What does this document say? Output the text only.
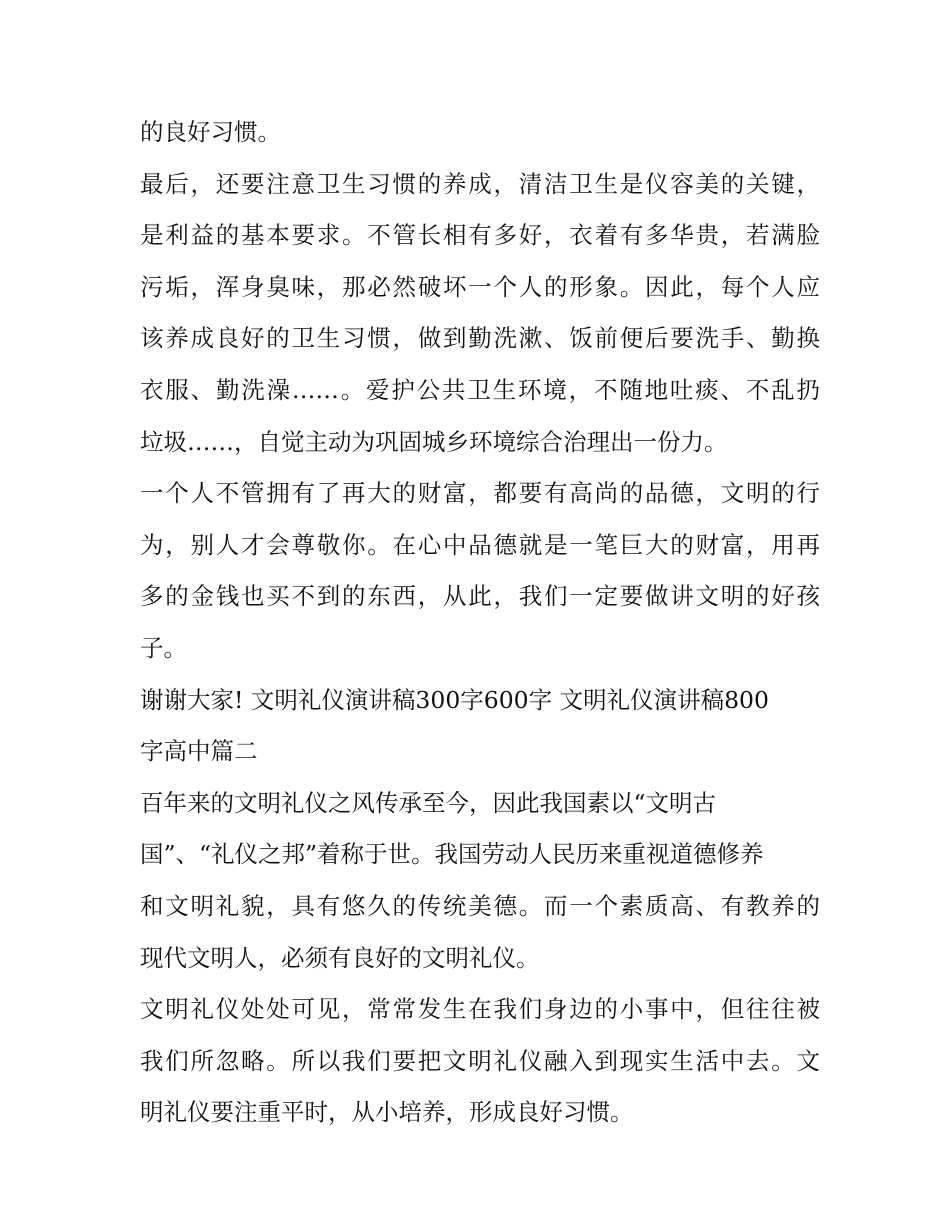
的良好习惯。
最后，还要注意卫生习惯的养成，清洁卫生是仪容美的关键，
是利益的基本要求。不管长相有多好，衣着有多华贵，若满脸
污垢，浑身臭味，那必然破坏一个人的形象。因此，每个人应
该养成良好的卫生习惯，做到勤洗漱、饭前便后要洗手、勤换
衣服、勤洗澡……。爱护公共卫生环境，不随地吐痰、不乱扔
垃圾……，自觉主动为巩固城乡环境综合治理出一份力。
一个人不管拥有了再大的财富，都要有高尚的品德，文明的行
为，别人才会尊敬你。在心中品德就是一笔巨大的财富，用再
多的金钱也买不到的东西，从此，我们一定要做讲文明的好孩
子。
谢谢大家! 文明礼仪演讲稿300字600字 文明礼仪演讲稿800
字高中篇二
百年来的文明礼仪之风传承至今，因此我国素以“文明古
国”、“礼仪之邦”着称于世。我国劳动人民历来重视道德修养
和文明礼貌，具有悠久的传统美德。而一个素质高、有教养的
现代文明人，必须有良好的文明礼仪。
文明礼仪处处可见，常常发生在我们身边的小事中，但往往被
我们所忽略。所以我们要把文明礼仪融入到现实生活中去。文
明礼仪要注重平时，从小培养，形成良好习惯。
